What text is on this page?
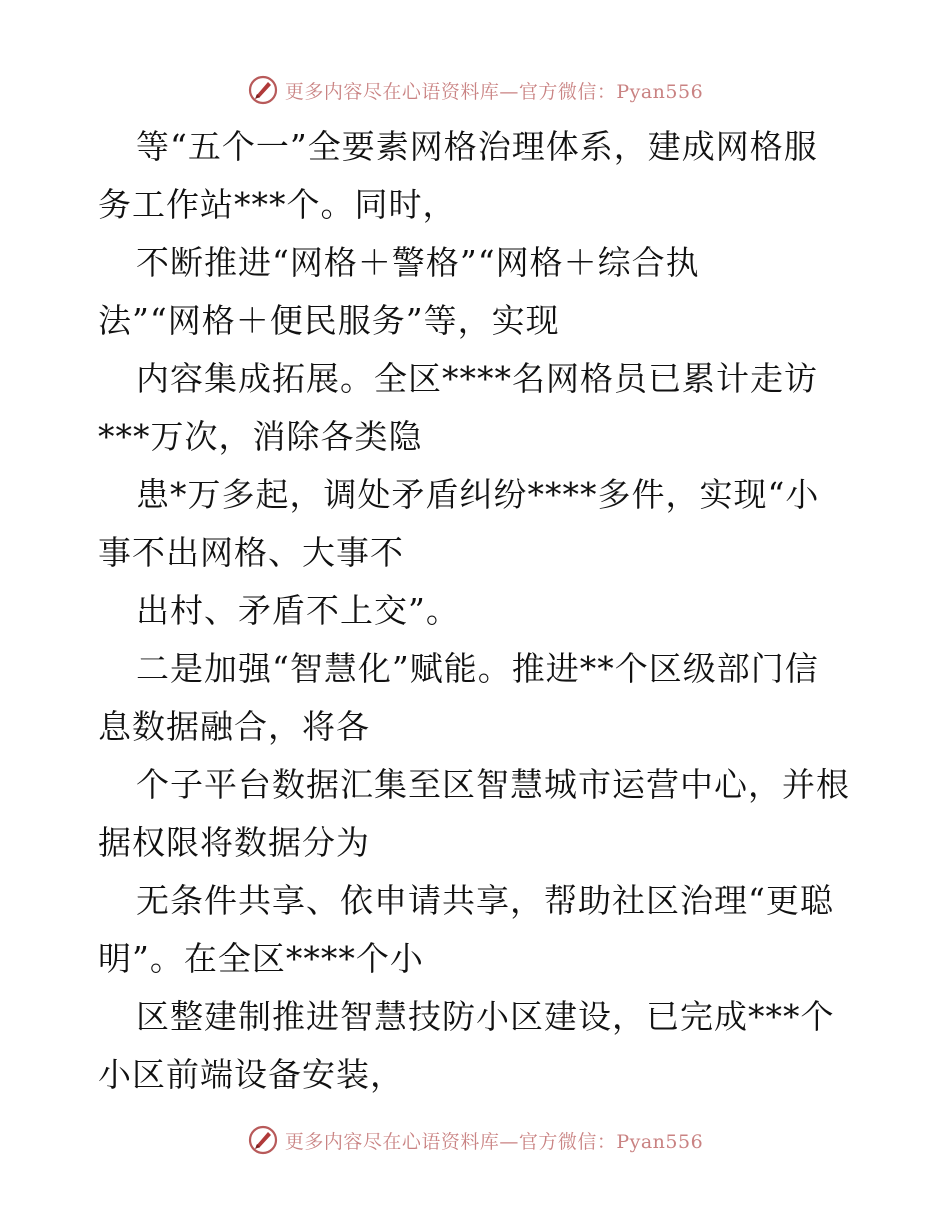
更多内容尽在心语资料库—官方微信：Pyan556
等“五个一”全要素网格治理体系，建成网格服
务工作站***个。同时，
不断推进“网格＋警格”“网格＋综合执
法”“网格＋便民服务”等，实现
内容集成拓展。全区****名网格员已累计走访
***万次，消除各类隐
患*万多起，调处矛盾纠纷****多件，实现“小
事不出网格、大事不
出村、矛盾不上交”。
二是加强“智慧化”赋能。推进**个区级部门信
息数据融合，将各
个子平台数据汇集至区智慧城市运营中心，并根
据权限将数据分为
无条件共享、依申请共享，帮助社区治理“更聪
明”。在全区****个小
区整建制推进智慧技防小区建设，已完成***个
小区前端设备安装，
更多内容尽在心语资料库—官方微信：Pyan556
